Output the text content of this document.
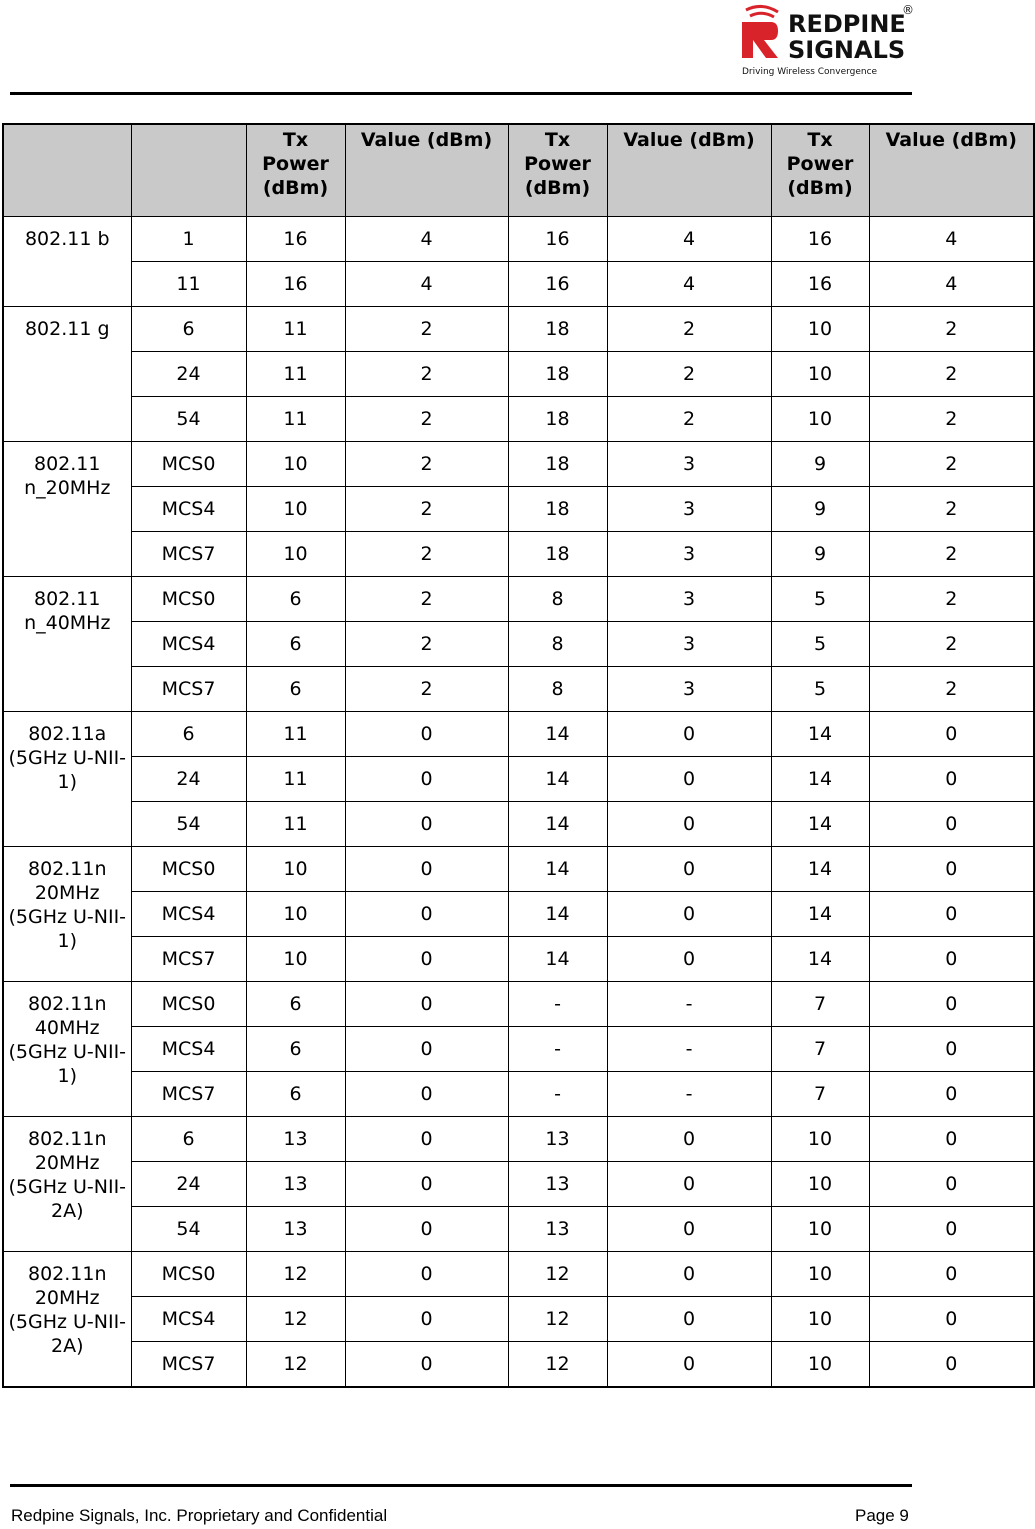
REDPINE
SIGNALS
Driving Wireless Convergence
®
		Tx Power (dBm)	Value (dBm)	Tx Power (dBm)	Value (dBm)	Tx Power (dBm)	Value (dBm)
802.11 b	1	16	4	16	4	16	4
	11	16	4	16	4	16	4
802.11 g	6	11	2	18	2	10	2
	24	11	2	18	2	10	2
	54	11	2	18	2	10	2
802.11 n_20MHz	MCS0	10	2	18	3	9	2
	MCS4	10	2	18	3	9	2
	MCS7	10	2	18	3	9	2
802.11 n_40MHz	MCS0	6	2	8	3	5	2
	MCS4	6	2	8	3	5	2
	MCS7	6	2	8	3	5	2
802.11a (5GHz U-NII-1)	6	11	0	14	0	14	0
	24	11	0	14	0	14	0
	54	11	0	14	0	14	0
802.11n 20MHz (5GHz U-NII-1)	MCS0	10	0	14	0	14	0
	MCS4	10	0	14	0	14	0
	MCS7	10	0	14	0	14	0
802.11n 40MHz (5GHz U-NII-1)	MCS0	6	0	-	-	7	0
	MCS4	6	0	-	-	7	0
	MCS7	6	0	-	-	7	0
802.11n 20MHz (5GHz U-NII-2A)	6	13	0	13	0	10	0
	24	13	0	13	0	10	0
	54	13	0	13	0	10	0
802.11n 20MHz (5GHz U-NII-2A)	MCS0	12	0	12	0	10	0
	MCS4	12	0	12	0	10	0
	MCS7	12	0	12	0	10	0
Redpine Signals, Inc. Proprietary and Confidential	Page 9
